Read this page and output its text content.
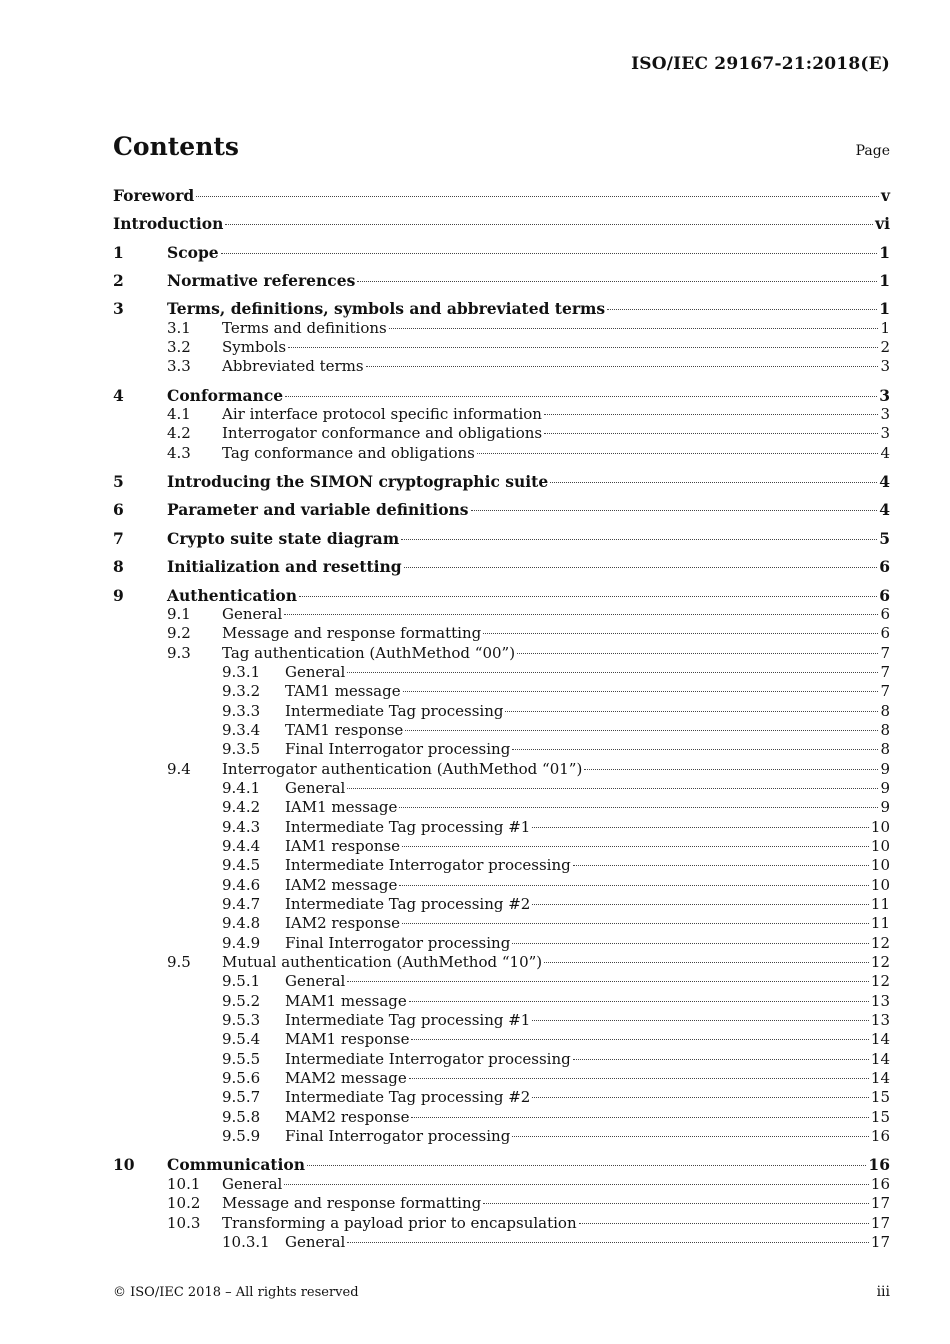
ISO/IEC 29167-21:2018(E)
Contents	Page
Foreword	v
Introduction	vi
1	Scope	1
2	Normative references	1
3	Terms, definitions, symbols and abbreviated terms	1
3.1	Terms and definitions	1
3.2	Symbols	2
3.3	Abbreviated terms	3
4	Conformance	3
4.1	Air interface protocol specific information	3
4.2	Interrogator conformance and obligations	3
4.3	Tag conformance and obligations	4
5	Introducing the SIMON cryptographic suite	4
6	Parameter and variable definitions	4
7	Crypto suite state diagram	5
8	Initialization and resetting	6
9	Authentication	6
9.1	General	6
9.2	Message and response formatting	6
9.3	Tag authentication (AuthMethod “00”)	7
9.3.1	General	7
9.3.2	TAM1 message	7
9.3.3	Intermediate Tag processing	8
9.3.4	TAM1 response	8
9.3.5	Final Interrogator processing	8
9.4	Interrogator authentication (AuthMethod “01”)	9
9.4.1	General	9
9.4.2	IAM1 message	9
9.4.3	Intermediate Tag processing #1	10
9.4.4	IAM1 response	10
9.4.5	Intermediate Interrogator processing	10
9.4.6	IAM2 message	10
9.4.7	Intermediate Tag processing #2	11
9.4.8	IAM2 response	11
9.4.9	Final Interrogator processing	12
9.5	Mutual authentication (AuthMethod “10”)	12
9.5.1	General	12
9.5.2	MAM1 message	13
9.5.3	Intermediate Tag processing #1	13
9.5.4	MAM1 response	14
9.5.5	Intermediate Interrogator processing	14
9.5.6	MAM2 message	14
9.5.7	Intermediate Tag processing #2	15
9.5.8	MAM2 response	15
9.5.9	Final Interrogator processing	16
10	Communication	16
10.1	General	16
10.2	Message and response formatting	17
10.3	Transforming a payload prior to encapsulation	17
10.3.1	General	17
© ISO/IEC 2018 – All rights reserved	iii
